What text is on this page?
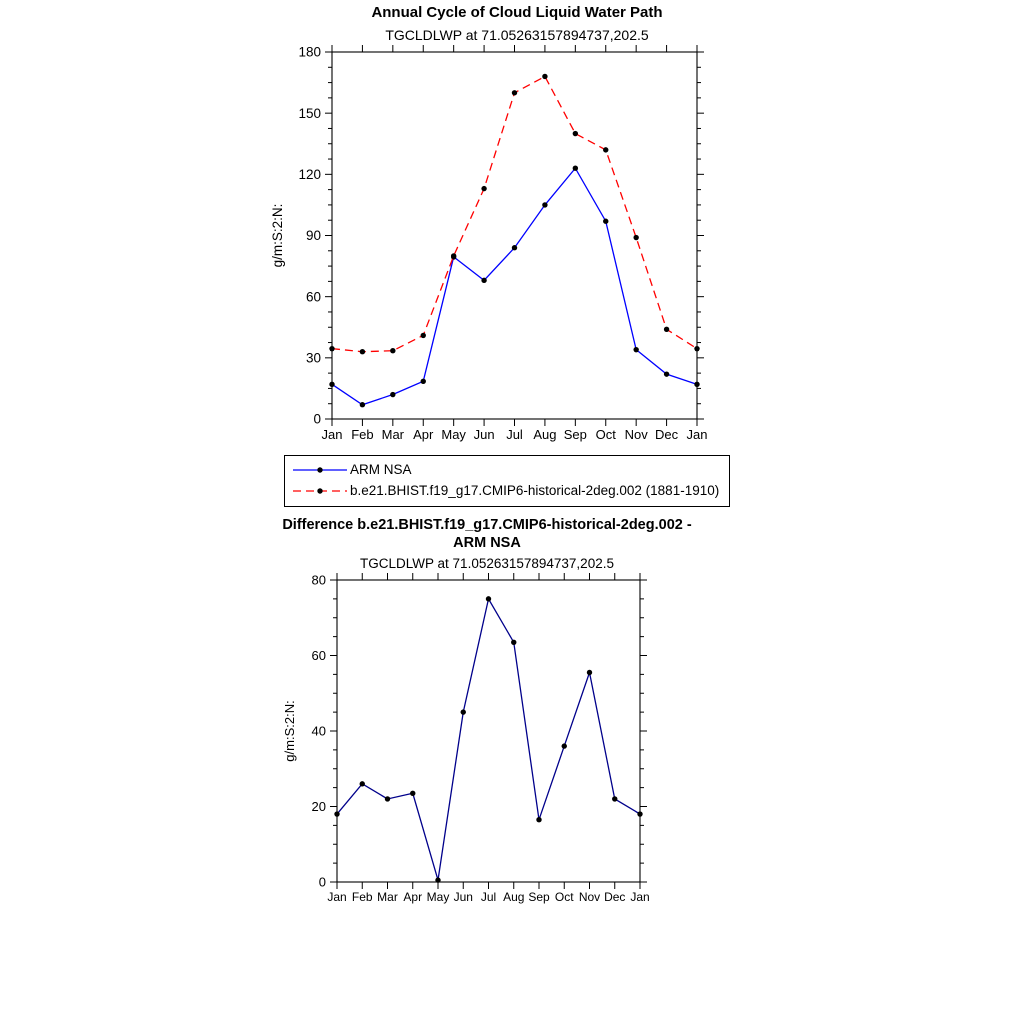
Annual Cycle of Cloud Liquid Water Path
TGCLDLWP at 71.05263157894737,202.5
0
30
60
90
120
150
180
Jan Feb Mar Apr May Jun Jul Aug Sep Oct Nov Dec Jan
g/m:S:2:N:
ARM NSA
b.e21.BHIST.f19_g17.CMIP6-historical-2deg.002 (1881-1910)
Difference b.e21.BHIST.f19_g17.CMIP6-historical-2deg.002 - ARM NSA
TGCLDLWP at 71.05263157894737,202.5
0
20
40
60
80
Jan Feb Mar Apr May Jun Jul Aug Sep Oct Nov Dec Jan
g/m:S:2:N:
